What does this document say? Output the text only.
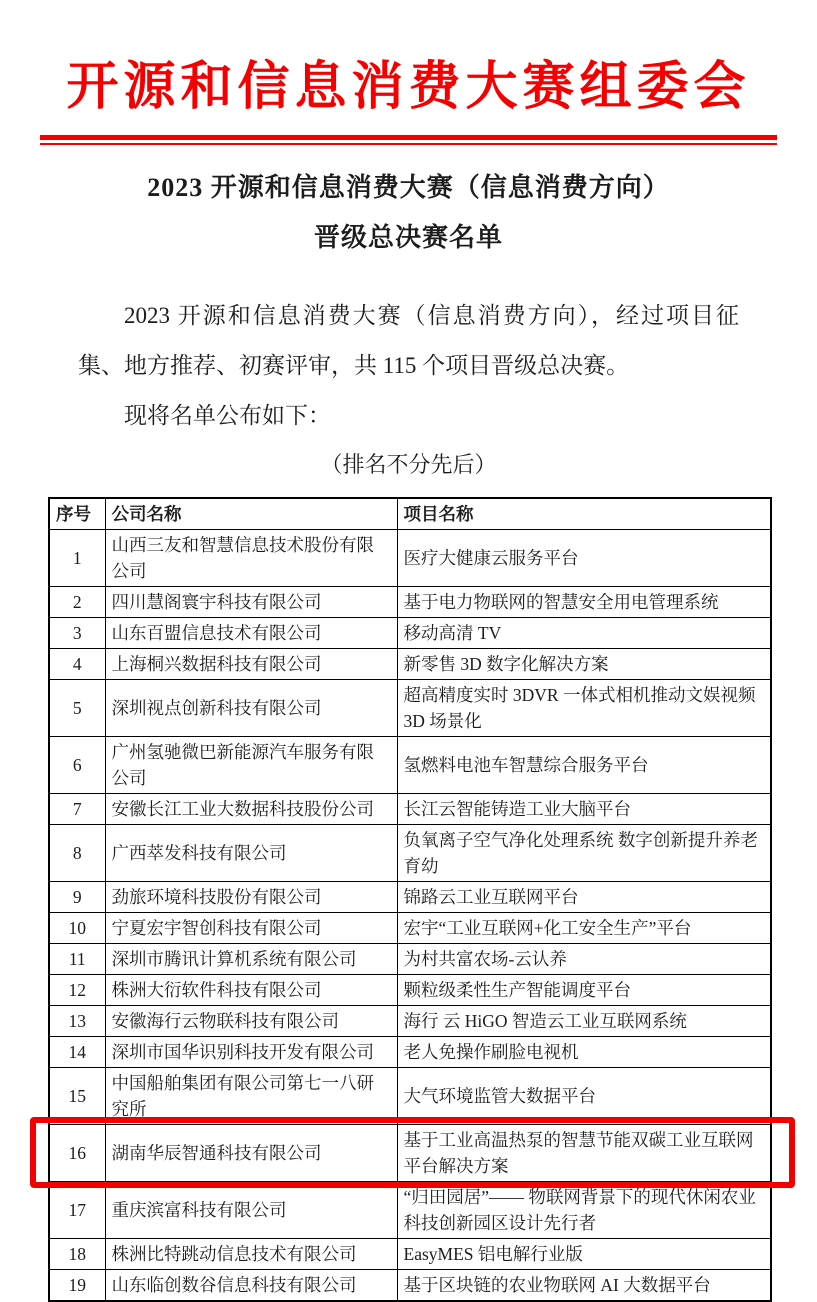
开源和信息消费大赛组委会
2023 开源和信息消费大赛（信息消费方向）
晋级总决赛名单

2023 开源和信息消费大赛（信息消费方向），经过项目征集、地方推荐、初赛评审，共 115 个项目晋级总决赛。

现将名单公布如下：

（排名不分先后）

序号	公司名称	项目名称
1	山西三友和智慧信息技术股份有限公司	医疗大健康云服务平台
2	四川慧阁寰宇科技有限公司	基于电力物联网的智慧安全用电管理系统
3	山东百盟信息技术有限公司	移动高清 TV
4	上海桐兴数据科技有限公司	新零售 3D 数字化解决方案
5	深圳视点创新科技有限公司	超高精度实时 3DVR 一体式相机推动文娱视频 3D 场景化
6	广州氢驰微巴新能源汽车服务有限公司	氢燃料电池车智慧综合服务平台
7	安徽长江工业大数据科技股份公司	长江云智能铸造工业大脑平台
8	广西萃发科技有限公司	负氧离子空气净化处理系统 数字创新提升养老育幼
9	劲旅环境科技股份有限公司	锦路云工业互联网平台
10	宁夏宏宇智创科技有限公司	宏宇“工业互联网+化工安全生产”平台
11	深圳市腾讯计算机系统有限公司	为村共富农场-云认养
12	株洲大衍软件科技有限公司	颗粒级柔性生产智能调度平台
13	安徽海行云物联科技有限公司	海行 云 HiGO 智造云工业互联网系统
14	深圳市国华识别科技开发有限公司	老人免操作刷脸电视机
15	中国船舶集团有限公司第七一八研究所	大气环境监管大数据平台
16	湖南华辰智通科技有限公司	基于工业高温热泵的智慧节能双碳工业互联网平台解决方案
17	重庆滨富科技有限公司	“归田园居”—— 物联网背景下的现代休闲农业科技创新园区设计先行者
18	株洲比特跳动信息技术有限公司	EasyMES 铝电解行业版
19	山东临创数谷信息科技有限公司	基于区块链的农业物联网 AI 大数据平台
